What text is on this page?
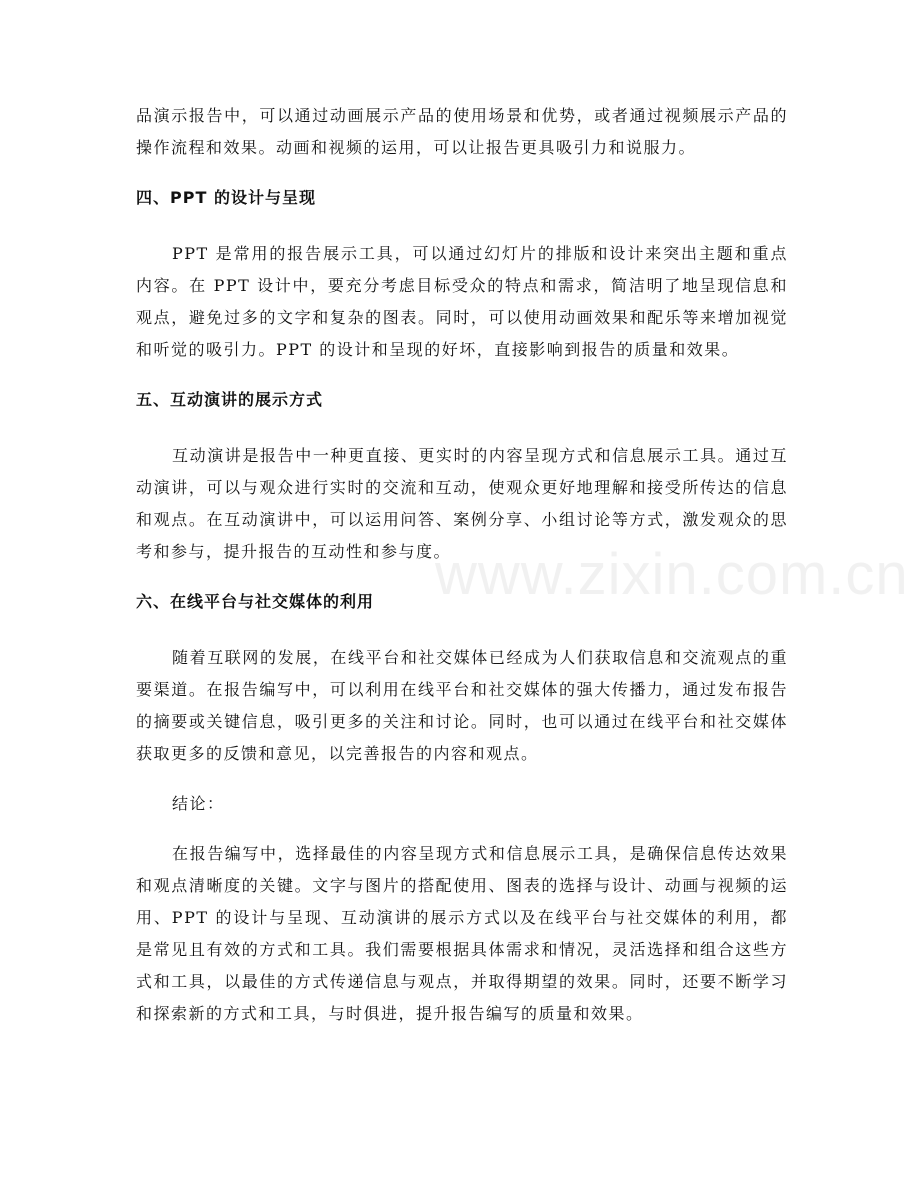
品演示报告中，可以通过动画展示产品的使用场景和优势，或者通过视频展示产品的操作流程和效果。动画和视频的运用，可以让报告更具吸引力和说服力。

四、PPT 的设计与呈现

PPT 是常用的报告展示工具，可以通过幻灯片的排版和设计来突出主题和重点内容。在 PPT 设计中，要充分考虑目标受众的特点和需求，简洁明了地呈现信息和观点，避免过多的文字和复杂的图表。同时，可以使用动画效果和配乐等来增加视觉和听觉的吸引力。PPT 的设计和呈现的好坏，直接影响到报告的质量和效果。

五、互动演讲的展示方式

互动演讲是报告中一种更直接、更实时的内容呈现方式和信息展示工具。通过互动演讲，可以与观众进行实时的交流和互动，使观众更好地理解和接受所传达的信息和观点。在互动演讲中，可以运用问答、案例分享、小组讨论等方式，激发观众的思考和参与，提升报告的互动性和参与度。

六、在线平台与社交媒体的利用

随着互联网的发展，在线平台和社交媒体已经成为人们获取信息和交流观点的重要渠道。在报告编写中，可以利用在线平台和社交媒体的强大传播力，通过发布报告的摘要或关键信息，吸引更多的关注和讨论。同时，也可以通过在线平台和社交媒体获取更多的反馈和意见，以完善报告的内容和观点。

结论：

在报告编写中，选择最佳的内容呈现方式和信息展示工具，是确保信息传达效果和观点清晰度的关键。文字与图片的搭配使用、图表的选择与设计、动画与视频的运用、PPT 的设计与呈现、互动演讲的展示方式以及在线平台与社交媒体的利用，都是常见且有效的方式和工具。我们需要根据具体需求和情况，灵活选择和组合这些方式和工具，以最佳的方式传递信息与观点，并取得期望的效果。同时，还要不断学习和探索新的方式和工具，与时俱进，提升报告编写的质量和效果。

www.zixin.com.cn
